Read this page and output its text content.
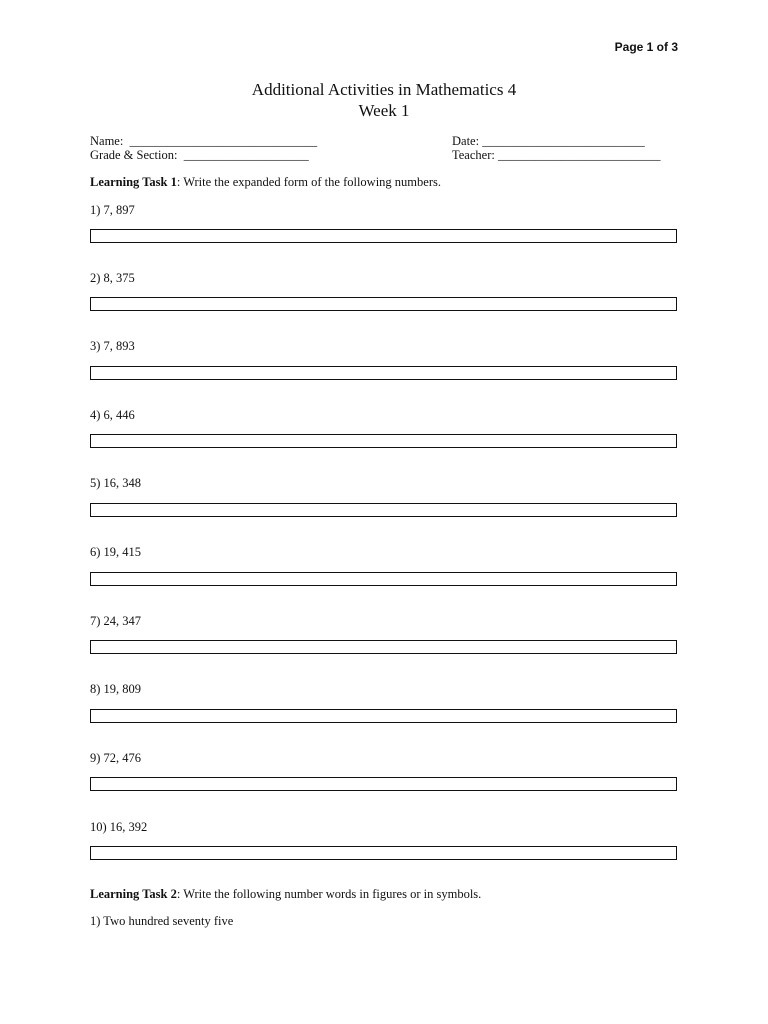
Page 1 of 3
Additional Activities in Mathematics 4
Week 1
Name:  ______________________________
Grade & Section:  ____________________
Date: __________________________
Teacher: __________________________
Learning Task 1: Write the expanded form of the following numbers.
1) 7, 897
2) 8, 375
3) 7, 893
4) 6, 446
5) 16, 348
6) 19, 415
7) 24, 347
8) 19, 809
9) 72, 476
10) 16, 392
Learning Task 2: Write the following number words in figures or in symbols.
1) Two hundred seventy five
